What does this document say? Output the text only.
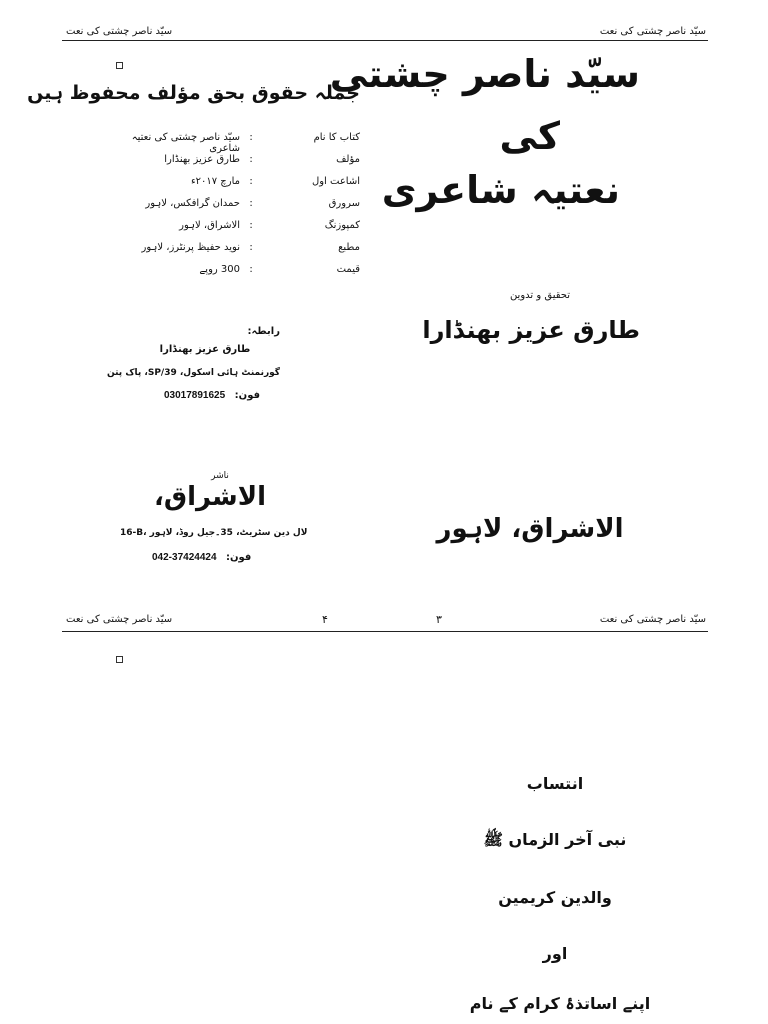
سیّد ناصر چشتی کی نعت	سیّد ناصر چشتی کی نعت
جملہ حقوق بحق مؤلف محفوظ ہیں
کتاب کا نام
:
سیّد ناصر چشتی کی نعتیہ شاعری
مؤلف
:
طارق عزیز بھنڈارا
اشاعت اول
:
مارچ ۲۰۱۷ء
سرورق
:
حمدان گرافکس، لاہور
کمپوزنگ
:
الاشراق، لاہور
مطبع
:
نوید حفیظ پرنٹرز، لاہور
قیمت
:
300 روپے
رابطہ:
طارق عزیز بھنڈارا
گورنمنٹ ہائی اسکول، 39/SP، پاک پتن
03017891625 فون:
ناشر
الاشراق،
16-B، لال دین سٹریٹ، 35۔جیل روڈ، لاہور
042-37424424 فون:
سیّد ناصر چشتی
کی
نعتیہ شاعری
تحقیق و تدوین
طارق عزیز بھنڈارا
الاشراق، لاہور
سیّد ناصر چشتی کی نعت	۴	۳	سیّد ناصر چشتی کی نعت
انتساب
نبی آخر الزماں ﷺ
والدین کریمین
اور
اپنے اساتذۂ کرام کے نام
